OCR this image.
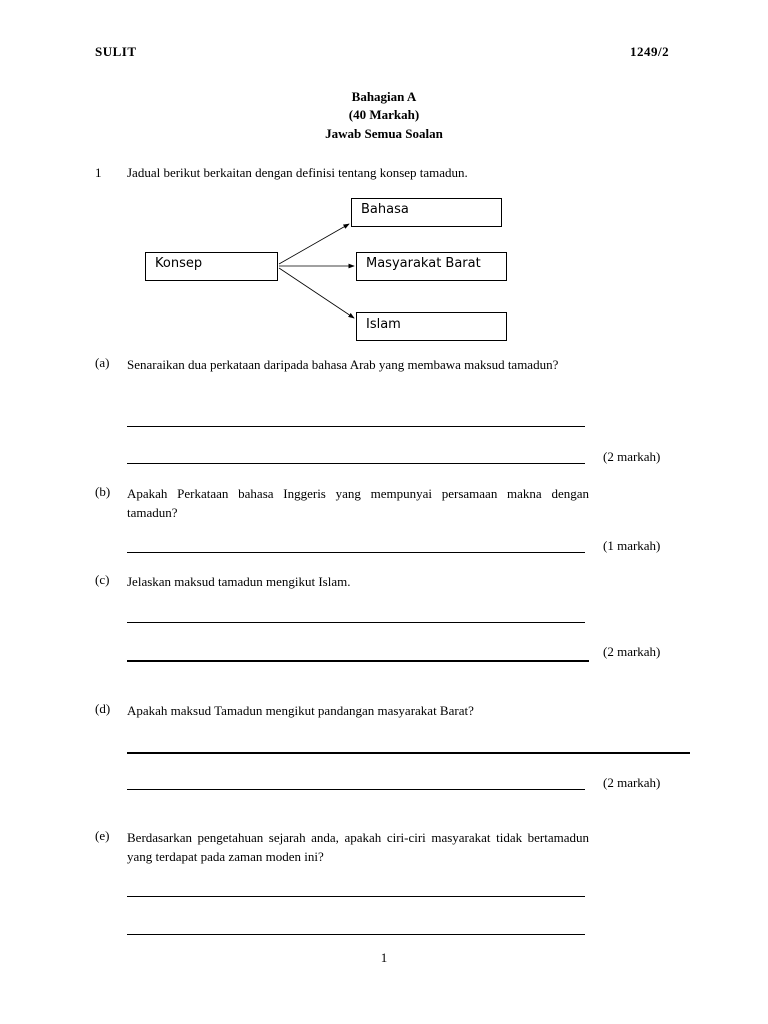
SULIT	1249/2
Bahagian A
(40 Markah)
Jawab Semua Soalan
1 Jadual berikut berkaitan dengan definisi tentang konsep tamadun.
Konsep
Bahasa
Masyarakat Barat
Islam
(a) Senaraikan dua perkataan daripada bahasa Arab yang membawa maksud tamadun?
(2 markah)
(b) Apakah Perkataan bahasa Inggeris yang mempunyai persamaan makna dengan tamadun?
(1 markah)
(c) Jelaskan maksud tamadun mengikut Islam.
(2 markah)
(d) Apakah maksud Tamadun mengikut pandangan masyarakat Barat?
(2 markah)
(e) Berdasarkan pengetahuan sejarah anda, apakah ciri-ciri masyarakat tidak bertamadun yang terdapat pada zaman moden ini?
1
